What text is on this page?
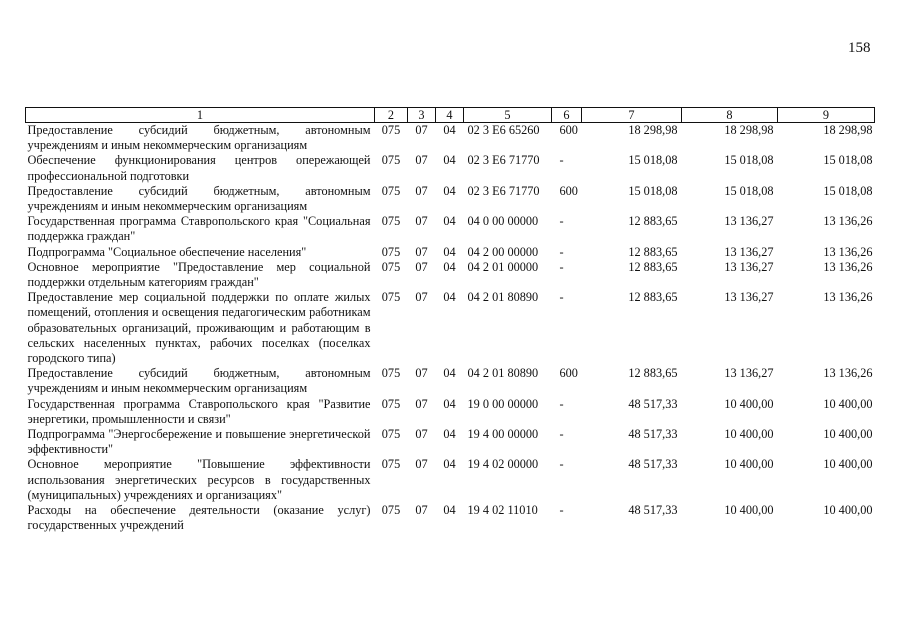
158
1	2	3	4	5	6	7	8	9
Предоставление субсидий бюджетным, автономным учреждениям и иным некоммерческим организациям	075	07	04	02 3 Е6 65260	600	18 298,98	18 298,98	18 298,98
Обеспечение функционирования центров опережающей профессиональной подготовки	075	07	04	02 3 Е6 71770	-	15 018,08	15 018,08	15 018,08
Предоставление субсидий бюджетным, автономным учреждениям и иным некоммерческим организациям	075	07	04	02 3 Е6 71770	600	15 018,08	15 018,08	15 018,08
Государственная программа Ставропольского края "Социальная поддержка граждан"	075	07	04	04 0 00 00000	-	12 883,65	13 136,27	13 136,26
Подпрограмма "Социальное обеспечение населения"	075	07	04	04 2 00 00000	-	12 883,65	13 136,27	13 136,26
Основное мероприятие "Предоставление мер социальной поддержки отдельным категориям граждан"	075	07	04	04 2 01 00000	-	12 883,65	13 136,27	13 136,26
Предоставление мер социальной поддержки по оплате жилых помещений, отопления и освещения педагогическим работникам образовательных организаций, проживающим и работающим в сельских населенных пунктах, рабочих поселках (поселках городского типа)	075	07	04	04 2 01 80890	-	12 883,65	13 136,27	13 136,26
Предоставление субсидий бюджетным, автономным учреждениям и иным некоммерческим организациям	075	07	04	04 2 01 80890	600	12 883,65	13 136,27	13 136,26
Государственная программа Ставропольского края "Развитие энергетики, промышленности и связи"	075	07	04	19 0 00 00000	-	48 517,33	10 400,00	10 400,00
Подпрограмма "Энергосбережение и повышение энергетической эффективности"	075	07	04	19 4 00 00000	-	48 517,33	10 400,00	10 400,00
Основное мероприятие "Повышение эффективности использования энергетических ресурсов в государственных (муниципальных) учреждениях и организациях"	075	07	04	19 4 02 00000	-	48 517,33	10 400,00	10 400,00
Расходы на обеспечение деятельности (оказание услуг) государственных учреждений	075	07	04	19 4 02 11010	-	48 517,33	10 400,00	10 400,00
